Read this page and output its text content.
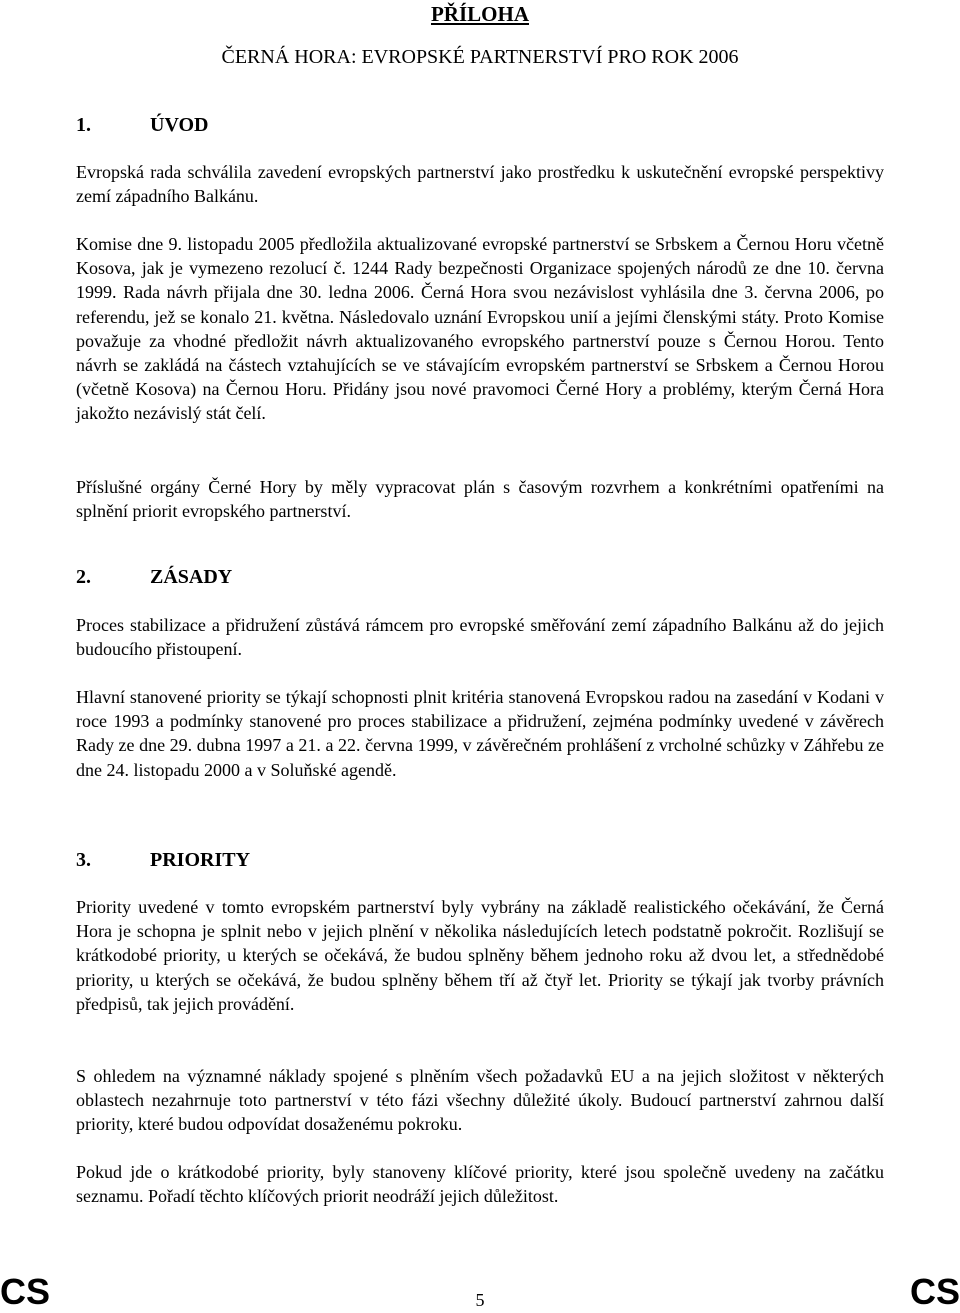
PŘÍLOHA
ČERNÁ HORA: EVROPSKÉ PARTNERSTVÍ PRO ROK 2006
1.	ÚVOD
Evropská rada schválila zavedení evropských partnerství jako prostředku k uskutečnění evropské perspektivy zemí západního Balkánu.
Komise dne 9. listopadu 2005 předložila aktualizované evropské partnerství se Srbskem a Černou Horu včetně Kosova, jak je vymezeno rezolucí č. 1244 Rady bezpečnosti Organizace spojených národů ze dne 10. června 1999. Rada návrh přijala dne 30. ledna 2006. Černá Hora svou nezávislost vyhlásila dne 3. června 2006, po referendu, jež se konalo 21. května. Následovalo uznání Evropskou unií a jejími členskými státy. Proto Komise považuje za vhodné předložit návrh aktualizovaného evropského partnerství pouze s Černou Horou. Tento návrh se zakládá na částech vztahujících se ve stávajícím evropském partnerství se Srbskem a Černou Horou (včetně Kosova) na Černou Horu. Přidány jsou nové pravomoci Černé Hory a problémy, kterým Černá Hora jakožto nezávislý stát čelí.
Příslušné orgány Černé Hory by měly vypracovat plán s časovým rozvrhem a konkrétními opatřeními na splnění priorit evropského partnerství.
2.	ZÁSADY
Proces stabilizace a přidružení zůstává rámcem pro evropské směřování zemí západního Balkánu až do jejich budoucího přistoupení.
Hlavní stanovené priority se týkají schopnosti plnit kritéria stanovená Evropskou radou na zasedání v Kodani v roce 1993 a podmínky stanovené pro proces stabilizace a přidružení, zejména podmínky uvedené v závěrech Rady ze dne 29. dubna 1997 a 21. a 22. června 1999, v závěrečném prohlášení z vrcholné schůzky v Záhřebu ze dne 24. listopadu 2000 a v Soluňské agendě.
3.	PRIORITY
Priority uvedené v tomto evropském partnerství byly vybrány na základě realistického očekávání, že Černá Hora je schopna je splnit nebo v jejich plnění v několika následujících letech podstatně pokročit. Rozlišují se krátkodobé priority, u kterých se očekává, že budou splněny během jednoho roku až dvou let, a střednědobé priority, u kterých se očekává, že budou splněny během tří až čtyř let. Priority se týkají jak tvorby právních předpisů, tak jejich provádění.
S ohledem na významné náklady spojené s plněním všech požadavků EU a na jejich složitost v některých oblastech nezahrnuje toto partnerství v této fázi všechny důležité úkoly. Budoucí partnerství zahrnou další priority, které budou odpovídat dosaženému pokroku.
Pokud jde o krátkodobé priority, byly stanoveny klíčové priority, které jsou společně uvedeny na začátku seznamu. Pořadí těchto klíčových priorit neodráží jejich důležitost.
CS	5	CS
